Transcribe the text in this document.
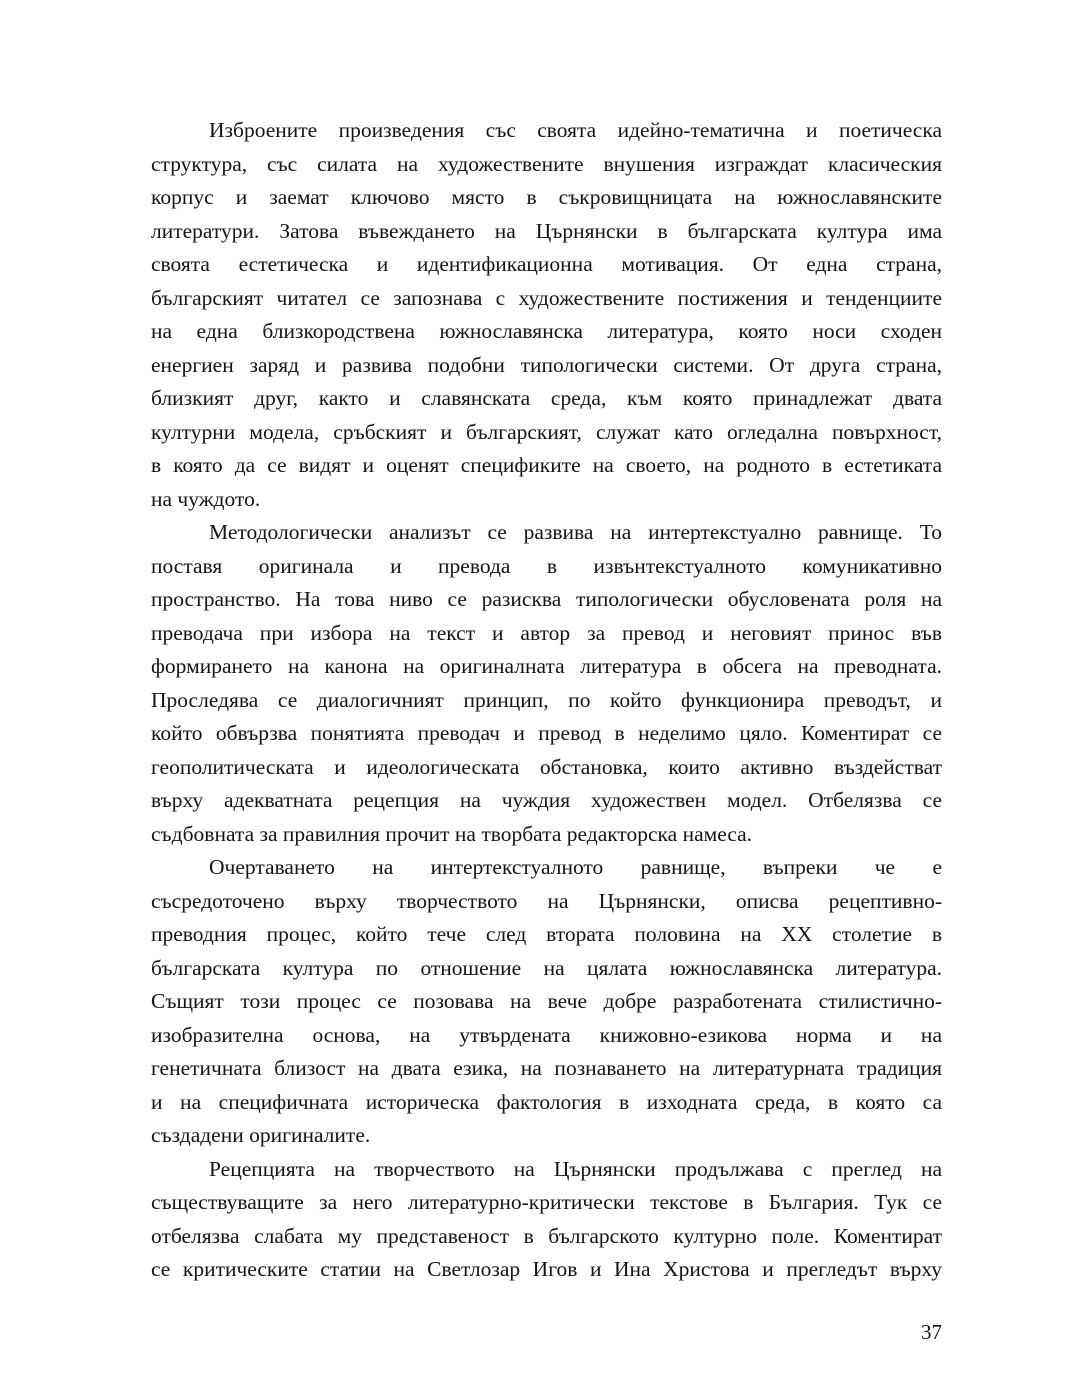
Изброените произведения със своята идейно-тематична и поетическа
структура, със силата на художествените внушения изграждат класическия
корпус и заемат ключово място в съкровищницата на южнославянските
литератури. Затова въвеждането на Църнянски в българската култура има
своята естетическа и идентификационна мотивация. От една страна,
българският читател се запознава с художествените постижения и тенденциите
на една близкородствена южнославянска литература, която носи сходен
енергиен заряд и развива подобни типологически системи. От друга страна,
близкият друг, както и славянската среда, към която принадлежат двата
културни модела, сръбският и българският, служат като огледална повърхност,
в която да се видят и оценят спецификите на своето, на родното в естетиката
на чуждото.
Методологически анализът се развива на интертекстуално равнище. То
поставя оригинала и превода в извънтекстуалното комуникативно
пространство. На това ниво се разисква типологически обусловената роля на
преводача при избора на текст и автор за превод и неговият принос във
формирането на канона на оригиналната литература в обсега на преводната.
Проследява се диалогичният принцип, по който функционира преводът, и
който обвързва понятията преводач и превод в неделимо цяло. Коментират се
геополитическата и идеологическата обстановка, които активно въздействат
върху адекватната рецепция на чуждия художествен модел. Отбелязва се
съдбовната за правилния прочит на творбата редакторска намеса.
Очертаването на интертекстуалното равнище, въпреки че е
съсредоточено върху творчеството на Църнянски, описва рецептивно-
преводния процес, който тече след втората половина на XX столетие в
българската култура по отношение на цялата южнославянска литература.
Същият този процес се позовава на вече добре разработената стилистично-
изобразителна основа, на утвърдената книжовно-езикова норма и на
генетичната близост на двата езика, на познаването на литературната традиция
и на специфичната историческа фактология в изходната среда, в която са
създадени оригиналите.
Рецепцията на творчеството на Църнянски продължава с преглед на
съществуващите за него литературно-критически текстове в България. Тук се
отбелязва слабата му представеност в българското културно поле. Коментират
се критическите статии на Светлозар Игов и Ина Христова и прегледът върху
37
